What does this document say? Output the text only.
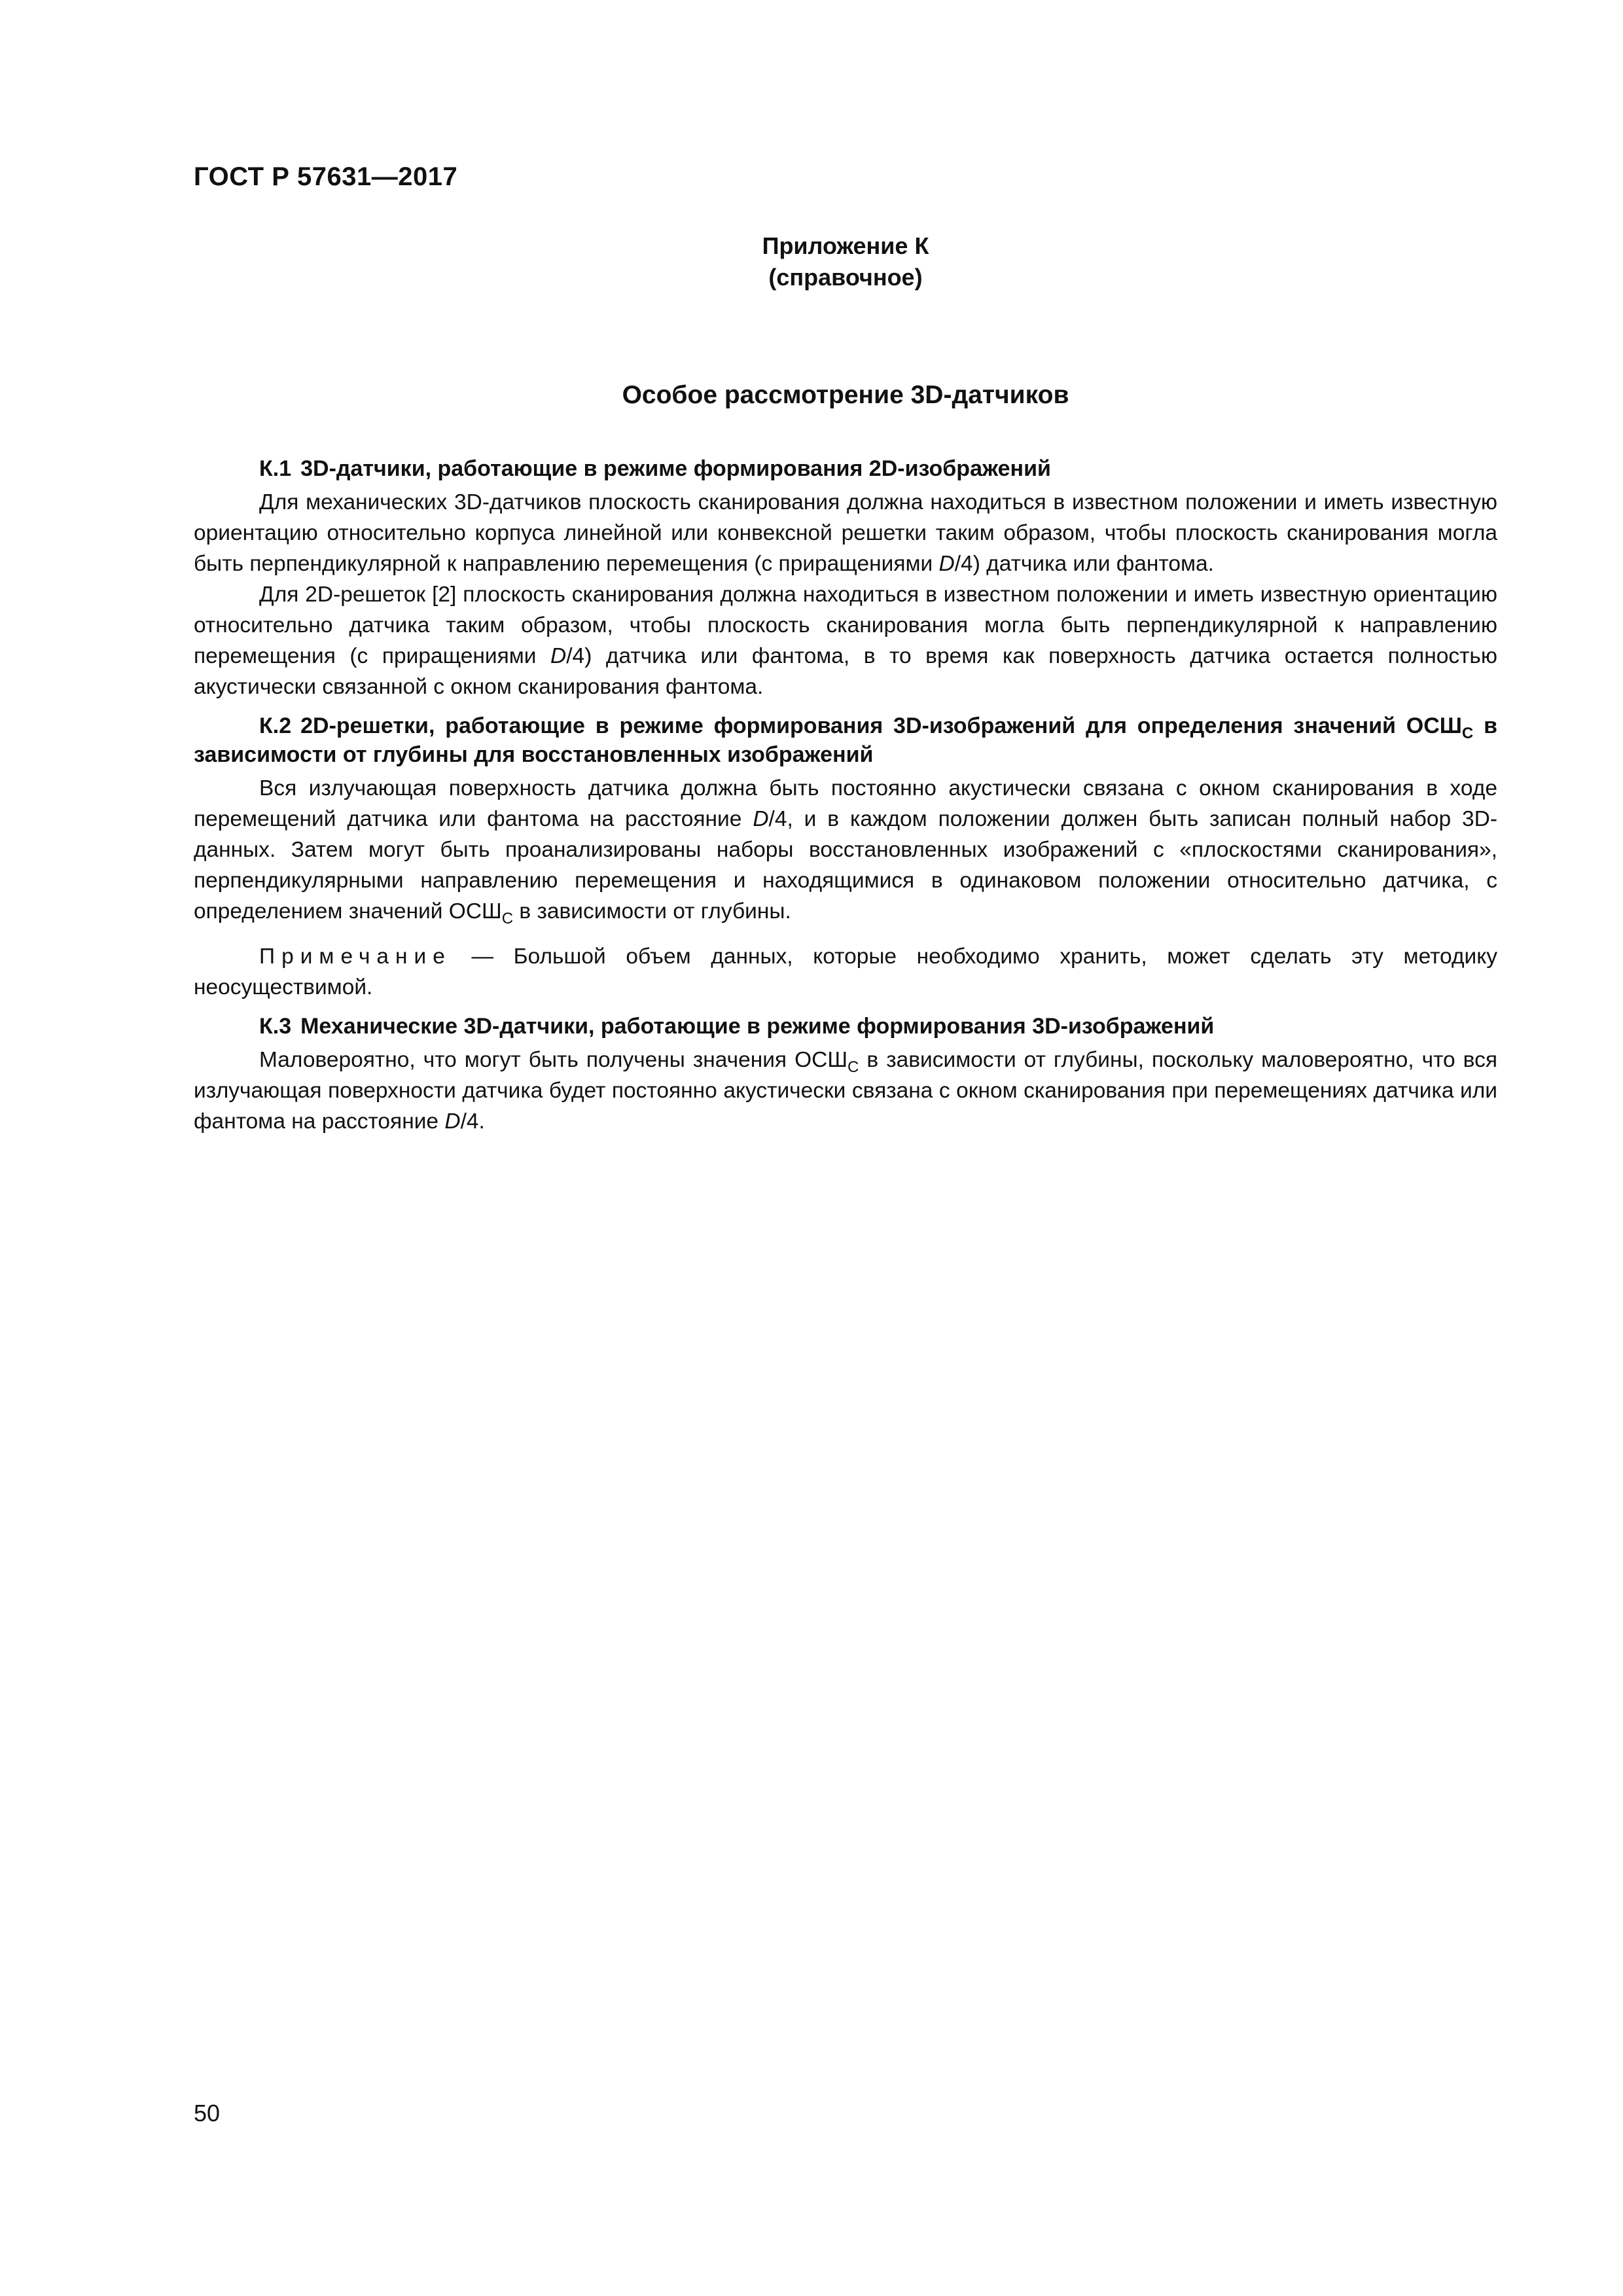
ГОСТ Р 57631—2017
Приложение К
(справочное)
Особое рассмотрение 3D-датчиков
К.1 3D-датчики, работающие в режиме формирования 2D-изображений

Для механических 3D-датчиков плоскость сканирования должна находиться в известном положении и иметь известную ориентацию относительно корпуса линейной или конвексной решетки таким образом, чтобы плоскость сканирования могла быть перпендикулярной к направлению перемещения (с приращениями D/4) датчика или фантома.

Для 2D-решеток [2] плоскость сканирования должна находиться в известном положении и иметь известную ориентацию относительно датчика таким образом, чтобы плоскость сканирования могла быть перпендикулярной к направлению перемещения (с приращениями D/4) датчика или фантома, в то время как поверхность датчика остается полностью акустически связанной с окном сканирования фантома.

К.2 2D-решетки, работающие в режиме формирования 3D-изображений для определения значений $ОСШ_C$ в зависимости от глубины для восстановленных изображений

Вся излучающая поверхность датчика должна быть постоянно акустически связана с окном сканирования в ходе перемещений датчика или фантома на расстояние D/4, и в каждом положении должен быть записан полный набор 3D-данных. Затем могут быть проанализированы наборы восстановленных изображений с «плоскостями сканирования», перпендикулярными направлению перемещения и находящимися в одинаковом положении относительно датчика, с определением значений $ОСШ_C$ в зависимости от глубины.

Примечание — Большой объем данных, которые необходимо хранить, может сделать эту методику неосуществимой.

К.3 Механические 3D-датчики, работающие в режиме формирования 3D-изображений

Маловероятно, что могут быть получены значения $ОСШ_C$ в зависимости от глубины, поскольку маловероятно, что вся излучающая поверхности датчика будет постоянно акустически связана с окном сканирования при перемещениях датчика или фантома на расстояние D/4.

50
